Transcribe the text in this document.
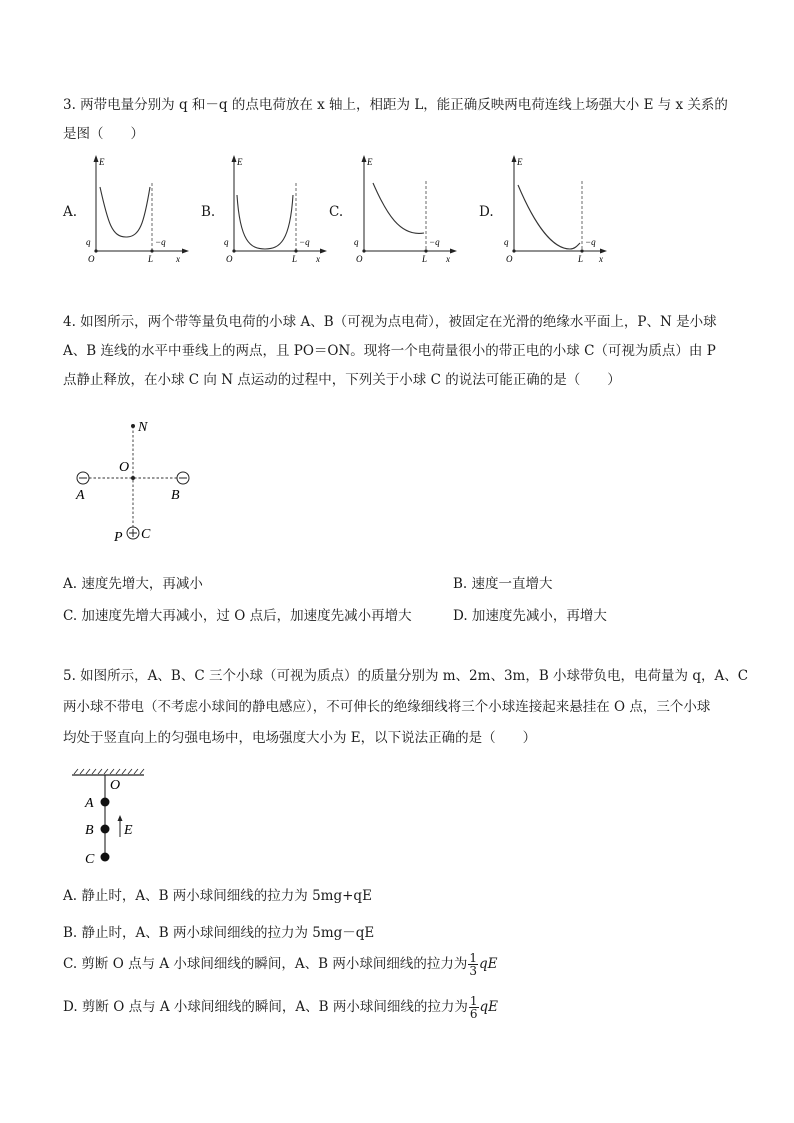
3. 两带电量分别为 q 和－q 的点电荷放在 x 轴上，相距为 L，能正确反映两电荷连线上场强大小 E 与 x 关系的
是图（　　）
A.	B.	C.	D.
E
q	−q
O	L	x
E
q	−q
O	L x
E
q	−q
O	L x
E
q	−q
O	L x
4. 如图所示，两个带等量负电荷的小球 A、B（可视为点电荷），被固定在光滑的绝缘水平面上，P、N 是小球
A、B 连线的水平中垂线上的两点，且 PO＝ON。现将一个电荷量很小的带正电的小球 C（可视为质点）由 P
点静止释放，在小球 C 向 N 点运动的过程中，下列关于小球 C 的说法可能正确的是（　　）
N
O
A	B
P C
A. 速度先增大，再减小	B. 速度一直增大
C. 加速度先增大再减小，过 O 点后，加速度先减小再增大	D. 加速度先减小，再增大
5. 如图所示，A、B、C 三个小球（可视为质点）的质量分别为 m、2m、3m，B 小球带负电，电荷量为 q，A、C
两小球不带电（不考虑小球间的静电感应），不可伸长的绝缘细线将三个小球连接起来悬挂在 O 点，三个小球
均处于竖直向上的匀强电场中，电场强度大小为 E，以下说法正确的是（　　）
O
A
B
C
E
A. 静止时，A、B 两小球间细线的拉力为 5mg+qE
B. 静止时，A、B 两小球间细线的拉力为 5mg－qE
C. 剪断 O 点与 A 小球间细线的瞬间，A、B 两小球间细线的拉力为 $\frac{1}{3}$ qE
D. 剪断 O 点与 A 小球间细线的瞬间，A、B 两小球间细线的拉力为 $\frac{1}{6}$ qE
